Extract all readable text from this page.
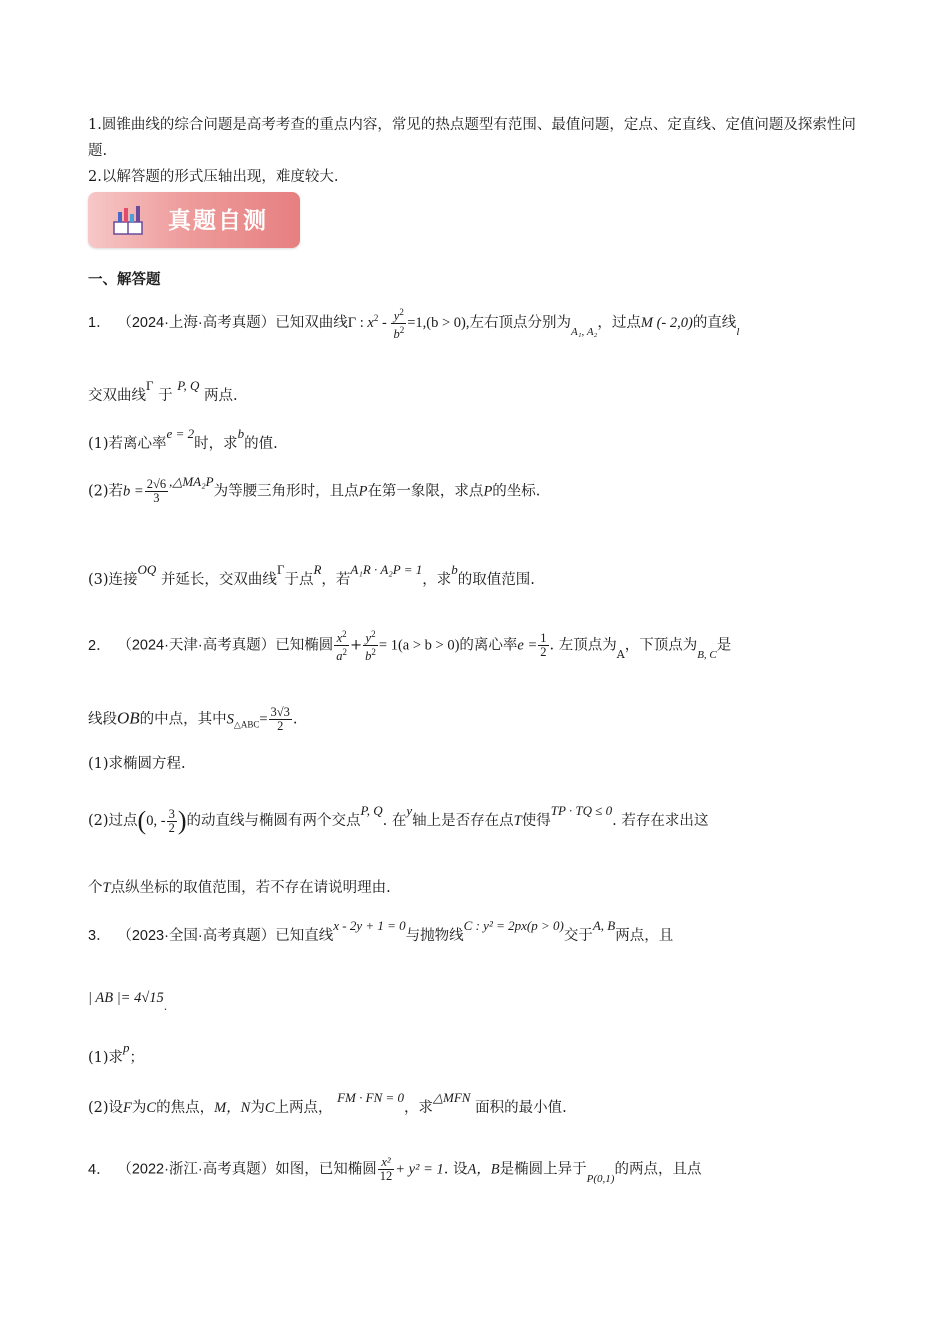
1.圆锥曲线的综合问题是高考考查的重点内容，常见的热点题型有范围、最值问题，定点、定直线、定值问题及探索性问题.

2.以解答题的形式压轴出现，难度较大.

真题自测
一、解答题
1． （2024·上海·高考真题）已知双曲线Γ : $x^2 - \frac{y^2}{b^2} =1,(b > 0)$,左右顶点分别为$_{A_1, A_2}$，过点M (- 2,0)的直线$_l$
交双曲线Γ 于 P, Q 两点.
(1)若离心率e = 2时，求b的值.
(2)若$b = \frac{2√6}{3}$ ,△MA₂P为等腰三角形时，且点P在第一象限，求点P的坐标.
(3)连接OQ 并延长，交双曲线Γ于点R，若A₁R · A₂P = 1，求b的取值范围.
2． （2024·天津·高考真题）已知椭圆 $\frac{x^2}{a^2} + \frac{y^2}{b^2} = 1(a > b > 0)$的离心率$e = \frac{1}{2}$ . 左顶点为$_A$，下顶点为$_{B, C}$是
线段OB的中点，其中$S_{\triangle ABC}= \frac{3√3}{2}$ .
(1)求椭圆方程.
(2)过点(0, - $\frac{3}{2}$ )的动直线与椭圆有两个交点P, Q. 在y轴上是否存在点T使得TP · TQ ≤ 0. 若存在求出这
个T点纵坐标的取值范围，若不存在请说明理由.
3． （2023·全国·高考真题）已知直线x - 2y + 1 = 0与抛物线C : y² = 2px(p > 0)交于A, B两点，且
| AB |= $4√15_.$
(1)求p；
(2)设F为C的焦点，M，N为C上两点， FM · FN = 0，求△MFN 面积的最小值.
4． （2022·浙江·高考真题）如图，已知椭圆 $\frac{\text{x²}}{12} + y^2 = 1$. 设A，B是椭圆上异于$_{P(0,1)}$的两点，且点
